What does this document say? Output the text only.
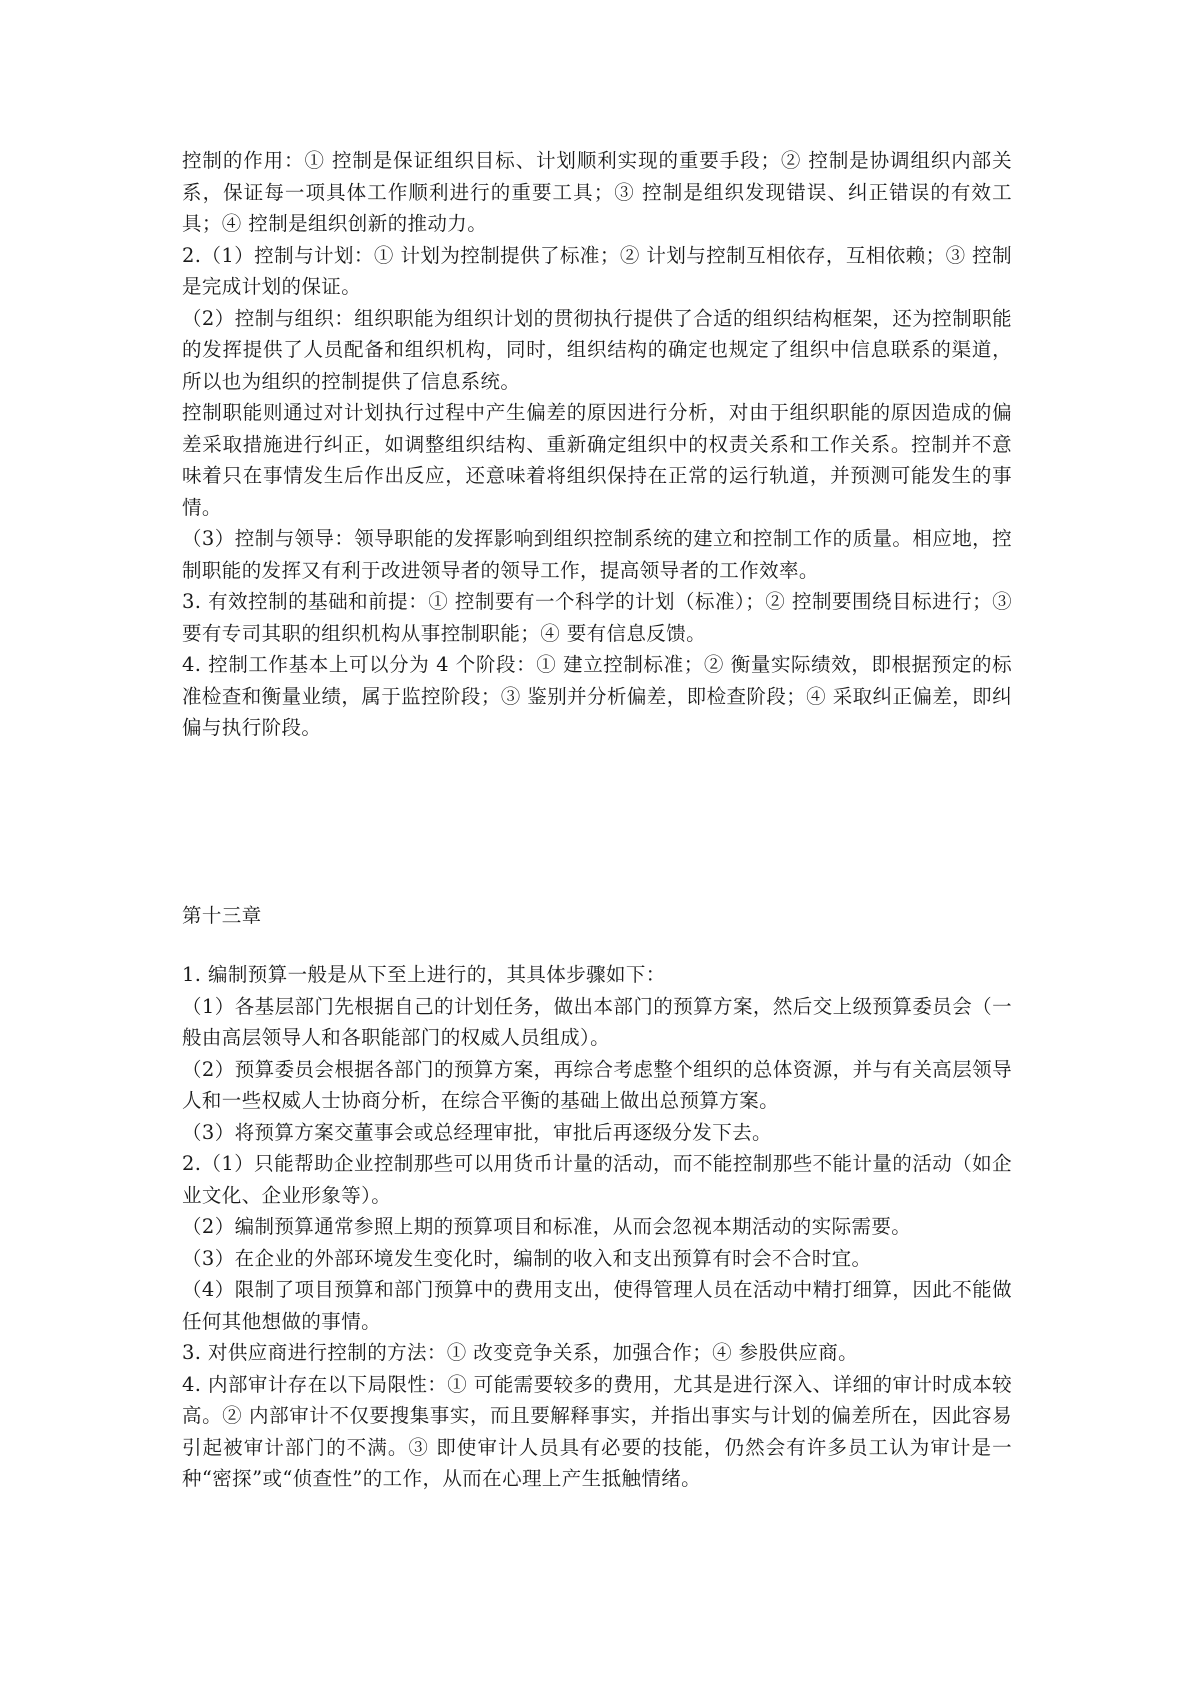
控制的作用：① 控制是保证组织目标、计划顺利实现的重要手段；② 控制是协调组织内部关系，保证每一项具体工作顺利进行的重要工具；③ 控制是组织发现错误、纠正错误的有效工具；④ 控制是组织创新的推动力。

2.（1）控制与计划：① 计划为控制提供了标准；② 计划与控制互相依存，互相依赖；③ 控制是完成计划的保证。

（2）控制与组织：组织职能为组织计划的贯彻执行提供了合适的组织结构框架，还为控制职能的发挥提供了人员配备和组织机构，同时，组织结构的确定也规定了组织中信息联系的渠道，所以也为组织的控制提供了信息系统。

控制职能则通过对计划执行过程中产生偏差的原因进行分析，对由于组织职能的原因造成的偏差采取措施进行纠正，如调整组织结构、重新确定组织中的权责关系和工作关系。控制并不意味着只在事情发生后作出反应，还意味着将组织保持在正常的运行轨道，并预测可能发生的事情。

（3）控制与领导：领导职能的发挥影响到组织控制系统的建立和控制工作的质量。相应地，控制职能的发挥又有利于改进领导者的领导工作，提高领导者的工作效率。

3. 有效控制的基础和前提：① 控制要有一个科学的计划（标准）；② 控制要围绕目标进行；③ 要有专司其职的组织机构从事控制职能；④ 要有信息反馈。

4. 控制工作基本上可以分为 4 个阶段：① 建立控制标准；② 衡量实际绩效，即根据预定的标准检查和衡量业绩，属于监控阶段；③ 鉴别并分析偏差，即检查阶段；④ 采取纠正偏差，即纠偏与执行阶段。

第十三章

1. 编制预算一般是从下至上进行的，其具体步骤如下：

（1）各基层部门先根据自己的计划任务，做出本部门的预算方案，然后交上级预算委员会（一般由高层领导人和各职能部门的权威人员组成）。

（2）预算委员会根据各部门的预算方案，再综合考虑整个组织的总体资源，并与有关高层领导人和一些权威人士协商分析，在综合平衡的基础上做出总预算方案。

（3）将预算方案交董事会或总经理审批，审批后再逐级分发下去。

2.（1）只能帮助企业控制那些可以用货币计量的活动，而不能控制那些不能计量的活动（如企业文化、企业形象等）。

（2）编制预算通常参照上期的预算项目和标准，从而会忽视本期活动的实际需要。

（3）在企业的外部环境发生变化时，编制的收入和支出预算有时会不合时宜。

（4）限制了项目预算和部门预算中的费用支出，使得管理人员在活动中精打细算，因此不能做任何其他想做的事情。

3. 对供应商进行控制的方法：① 改变竞争关系，加强合作；④ 参股供应商。

4. 内部审计存在以下局限性：① 可能需要较多的费用，尤其是进行深入、详细的审计时成本较高。② 内部审计不仅要搜集事实，而且要解释事实，并指出事实与计划的偏差所在，因此容易引起被审计部门的不满。③ 即使审计人员具有必要的技能，仍然会有许多员工认为审计是一种“密探”或“侦查性”的工作，从而在心理上产生抵触情绪。
